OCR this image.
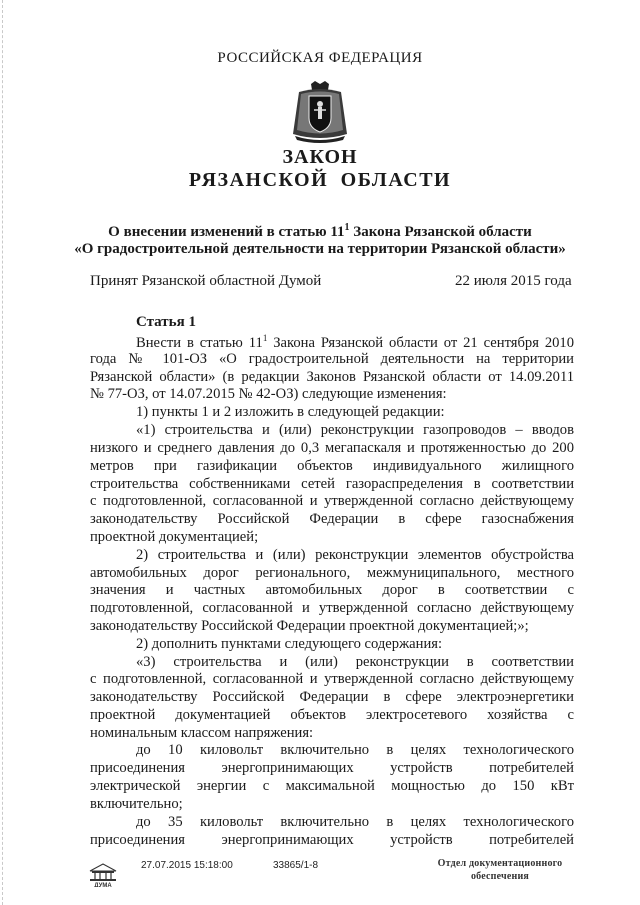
РОССИЙСКАЯ ФЕДЕРАЦИЯ
ЗАКОН
РЯЗАНСКОЙ ОБЛАСТИ
О внесении изменений в статью $11^1$ Закона Рязанской области
«О градостроительной деятельности на территории Рязанской области»
Принят Рязанской областной Думой	22 июля 2015 года
Статья 1
Внести в статью $11^1$ Закона Рязанской области от 21 сентября 2010
года № 101-ОЗ «О градостроительной деятельности на территории
Рязанской области» (в редакции Законов Рязанской области от 14.09.2011
№ 77-ОЗ, от 14.07.2015 № 42-ОЗ) следующие изменения:
1) пункты 1 и 2 изложить в следующей редакции:
«1) строительства и (или) реконструкции газопроводов – вводов
низкого и среднего давления до 0,3 мегапаскаля и протяженностью до 200
метров при газификации объектов индивидуального жилищного
строительства собственниками сетей газораспределения в соответствии
с подготовленной, согласованной и утвержденной согласно действующему
законодательству Российской Федерации в сфере газоснабжения
проектной документацией;
2) строительства и (или) реконструкции элементов обустройства
автомобильных дорог регионального, межмуниципального, местного
значения и частных автомобильных дорог в соответствии с
подготовленной, согласованной и утвержденной согласно действующему
законодательству Российской Федерации проектной документацией;»;
2) дополнить пунктами следующего содержания:
«3) строительства и (или) реконструкции в соответствии
с подготовленной, согласованной и утвержденной согласно действующему
законодательству Российской Федерации в сфере электроэнергетики
проектной документацией объектов электросетевого хозяйства с
номинальным классом напряжения:
до 10 киловольт включительно в целях технологического
присоединения энергопринимающих устройств потребителей
электрической энергии с максимальной мощностью до 150 кВт
включительно;
до 35 киловольт включительно в целях технологического
присоединения энергопринимающих устройств потребителей
ДУМА
27.07.2015 15:18:00	33865/1-8	Отдел документационного
обеспечения
